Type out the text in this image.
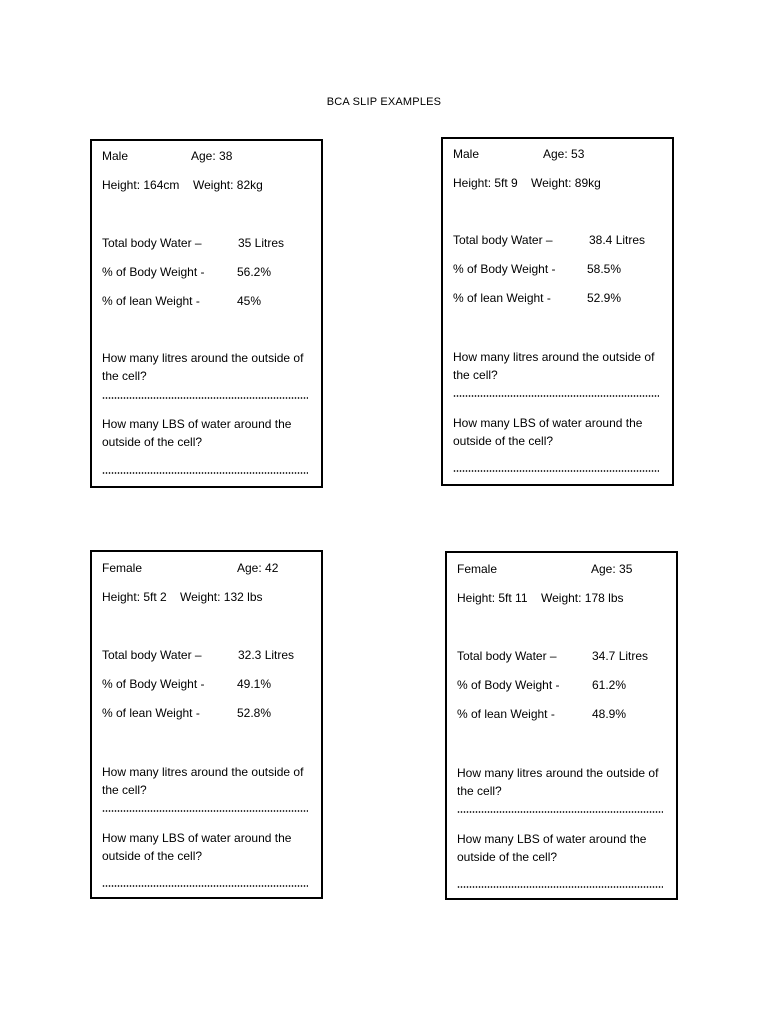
BCA SLIP EXAMPLES
Male	Age: 38
Height: 164cm Weight: 82kg
Total body Water –	35 Litres
% of Body Weight -	56.2%
% of lean Weight -	45%
How many litres around the outside of the cell?
How many LBS of water around the outside of the cell?
Male	Age: 53
Height: 5ft 9 Weight: 89kg
Total body Water –	38.4 Litres
% of Body Weight -	58.5%
% of lean Weight -	52.9%
How many litres around the outside of the cell?
How many LBS of water around the outside of the cell?
Female	Age: 42
Height: 5ft 2 Weight: 132 lbs
Total body Water –	32.3 Litres
% of Body Weight -	49.1%
% of lean Weight -	52.8%
How many litres around the outside of the cell?
How many LBS of water around the outside of the cell?
Female	Age: 35
Height: 5ft 11 Weight: 178 lbs
Total body Water –	34.7 Litres
% of Body Weight -	61.2%
% of lean Weight -	48.9%
How many litres around the outside of the cell?
How many LBS of water around the outside of the cell?
